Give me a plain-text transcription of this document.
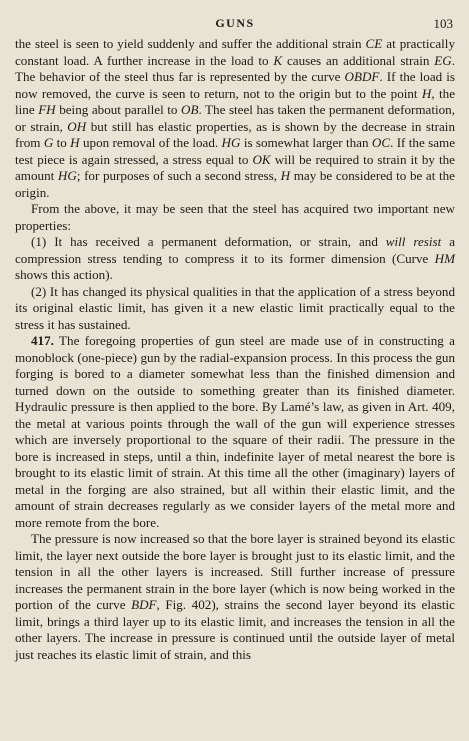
GUNS	103

the steel is seen to yield suddenly and suffer the additional strain CE at practically constant load. A further increase in the load to K causes an additional strain EG. The behavior of the steel thus far is represented by the curve OBDF. If the load is now removed, the curve is seen to return, not to the origin but to the point H, the line FH being about parallel to OB. The steel has taken the permanent deformation, or strain, OH but still has elastic properties, as is shown by the decrease in strain from G to H upon removal of the load. HG is somewhat larger than OC. If the same test piece is again stressed, a stress equal to OK will be required to strain it by the amount HG; for purposes of such a second stress, H may be considered to be at the origin.

From the above, it may be seen that the steel has acquired two important new properties:

(1) It has received a permanent deformation, or strain, and will resist a compression stress tending to compress it to its former dimension (Curve HM shows this action).

(2) It has changed its physical qualities in that the application of a stress beyond its original elastic limit, has given it a new elastic limit practically equal to the stress it has sustained.

417. The foregoing properties of gun steel are made use of in constructing a monoblock (one-piece) gun by the radial-expansion process. In this process the gun forging is bored to a diameter somewhat less than the finished dimension and turned down on the outside to something greater than its finished diameter. Hydraulic pressure is then applied to the bore. By Lamé’s law, as given in Art. 409, the metal at various points through the wall of the gun will experience stresses which are inversely proportional to the square of their radii. The pressure in the bore is increased in steps, until a thin, indefinite layer of metal nearest the bore is brought to its elastic limit of strain. At this time all the other (imaginary) layers of metal in the forging are also strained, but all within their elastic limit, and the amount of strain decreases regularly as we consider layers of the metal more and more remote from the bore.

The pressure is now increased so that the bore layer is strained beyond its elastic limit, the layer next outside the bore layer is brought just to its elastic limit, and the tension in all the other layers is increased. Still further increase of pressure increases the permanent strain in the bore layer (which is now being worked in the portion of the curve BDF, Fig. 402), strains the second layer beyond its elastic limit, brings a third layer up to its elastic limit, and increases the tension in all the other layers. The increase in pressure is continued until the outside layer of metal just reaches its elastic limit of strain, and this
